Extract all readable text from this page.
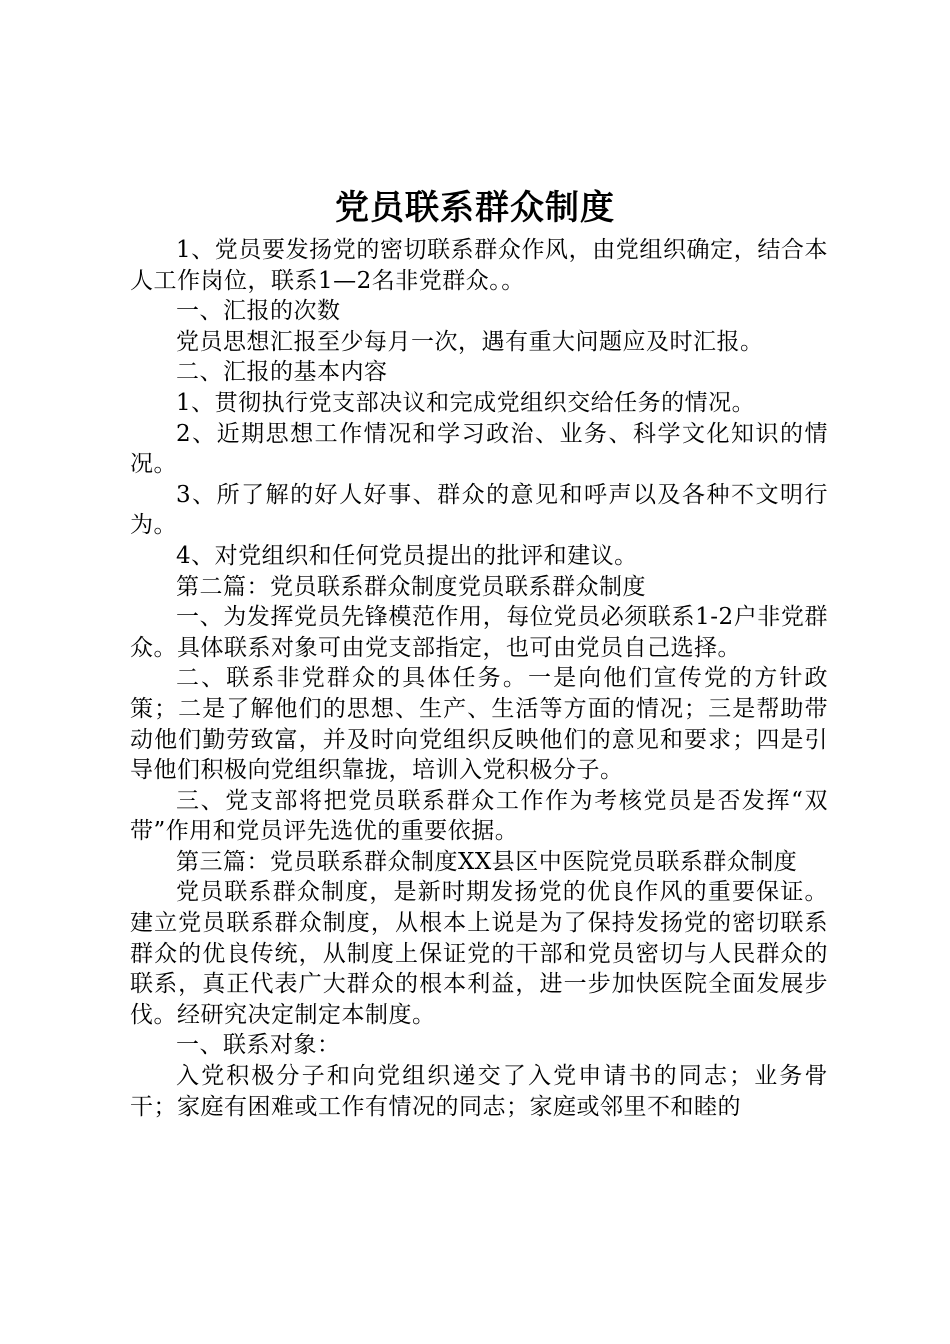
党员联系群众制度

1、党员要发扬党的密切联系群众作风，由党组织确定，结合本人工作岗位，联系1—2名非党群众。。

一、汇报的次数

党员思想汇报至少每月一次，遇有重大问题应及时汇报。

二、汇报的基本内容

1、贯彻执行党支部决议和完成党组织交给任务的情况。

2、近期思想工作情况和学习政治、业务、科学文化知识的情况。

3、所了解的好人好事、群众的意见和呼声以及各种不文明行为。

4、对党组织和任何党员提出的批评和建议。

第二篇：党员联系群众制度党员联系群众制度

一、为发挥党员先锋模范作用，每位党员必须联系1-2户非党群众。具体联系对象可由党支部指定，也可由党员自己选择。

二、联系非党群众的具体任务。一是向他们宣传党的方针政策；二是了解他们的思想、生产、生活等方面的情况；三是帮助带动他们勤劳致富，并及时向党组织反映他们的意见和要求；四是引导他们积极向党组织靠拢，培训入党积极分子。

三、党支部将把党员联系群众工作作为考核党员是否发挥“双带”作用和党员评先选优的重要依据。

第三篇：党员联系群众制度XX县区中医院党员联系群众制度

党员联系群众制度，是新时期发扬党的优良作风的重要保证。建立党员联系群众制度，从根本上说是为了保持发扬党的密切联系群众的优良传统，从制度上保证党的干部和党员密切与人民群众的联系，真正代表广大群众的根本利益，进一步加快医院全面发展步伐。经研究决定制定本制度。

一、联系对象：

入党积极分子和向党组织递交了入党申请书的同志；业务骨干；家庭有困难或工作有情况的同志；家庭或邻里不和睦的
